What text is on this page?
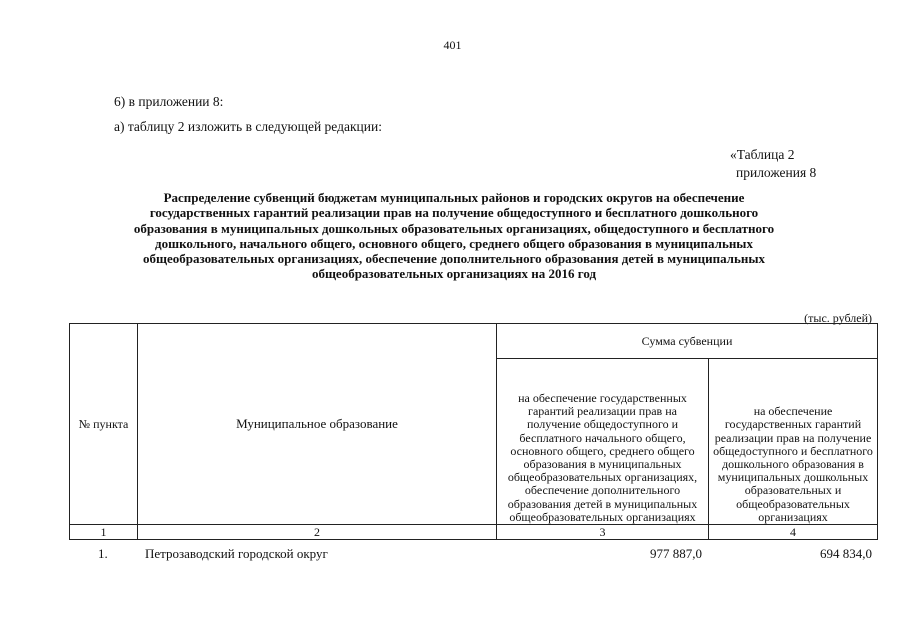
401
6) в приложении 8:
а) таблицу 2 изложить в следующей редакции:
«Таблица 2
приложения 8
Распределение субвенций бюджетам муниципальных районов и городских округов на обеспечение
государственных гарантий реализации прав на получение общедоступного и бесплатного дошкольного
образования в муниципальных дошкольных образовательных организациях, общедоступного и бесплатного
дошкольного, начального общего, основного общего, среднего общего образования в муниципальных
общеобразовательных организациях, обеспечение дополнительного образования детей в муниципальных
общеобразовательных организациях на 2016 год
(тыс. рублей)
№ пункта	Муниципальное образование	Сумма субвенции	
		на обеспечение государственных гарантий реализации прав на получение общедоступного и бесплатного начального общего, основного общего, среднего общего образования в муниципальных общеобразовательных организациях, обеспечение дополнительного образования детей в муниципальных общеобразовательных организациях	на обеспечение государственных гарантий реализации прав на получение общедоступного и бесплатного дошкольного образования в муниципальных дошкольных образовательных и общеобразовательных организациях
1	2	3	4
1.	Петрозаводский городской округ	977 887,0	694 834,0
